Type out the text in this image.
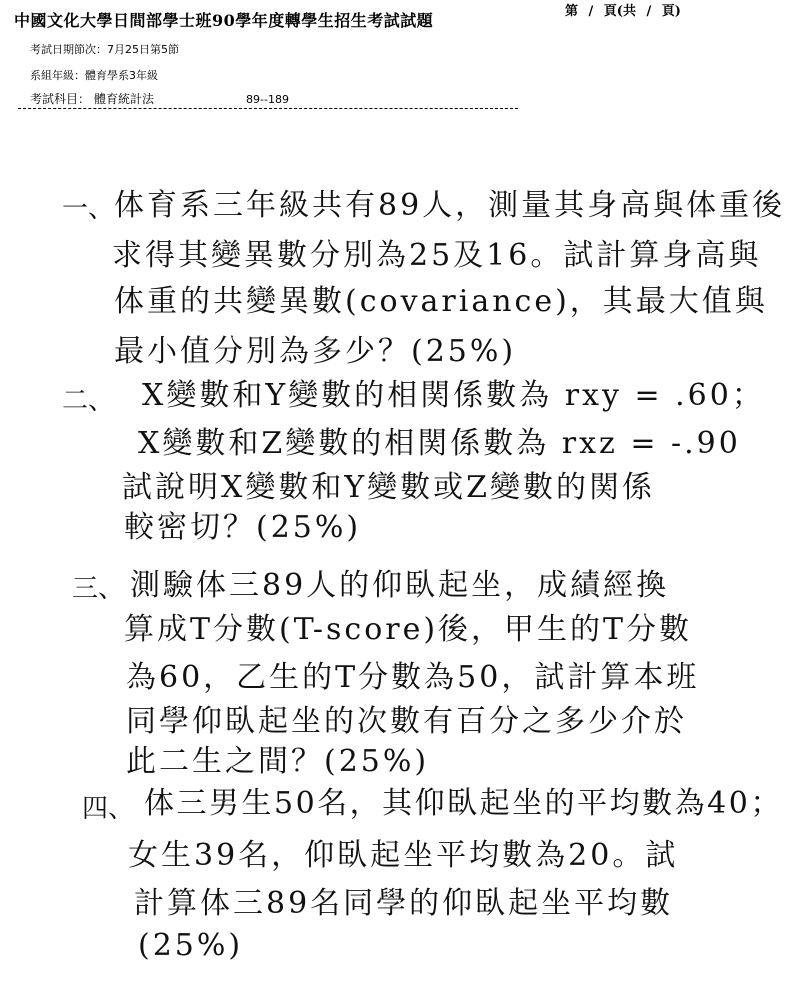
中國文化大學日間部學士班90學年度轉學生招生考試試題	第 / 頁(共 / 頁)
考試日期節次：7月25日第5節
系組年級：體育學系3年級
考試科目： 體育統計法	89--189
一、 体育系三年級共有89人，測量其身高與体重後
求得其變異數分別為25及16。試計算身高與
体重的共變異數(covariance)，其最大值與
最小值分別為多少？(25%)
二、 X變數和Y變數的相関係數為 rxy = .60；
X變數和Z變數的相関係數為 rxz = -.90
試說明X變數和Y變數或Z變數的関係
較密切？(25%)
三、 測驗体三89人的仰臥起坐，成績經換
算成T分數(T-score)後，甲生的T分數
為60，乙生的T分數為50，試計算本班
同學仰臥起坐的次數有百分之多少介於
此二生之間？(25%)
四、 体三男生50名，其仰臥起坐的平均數為40；
女生39名，仰臥起坐平均數為20。試
計算体三89名同學的仰臥起坐平均數
(25%)
